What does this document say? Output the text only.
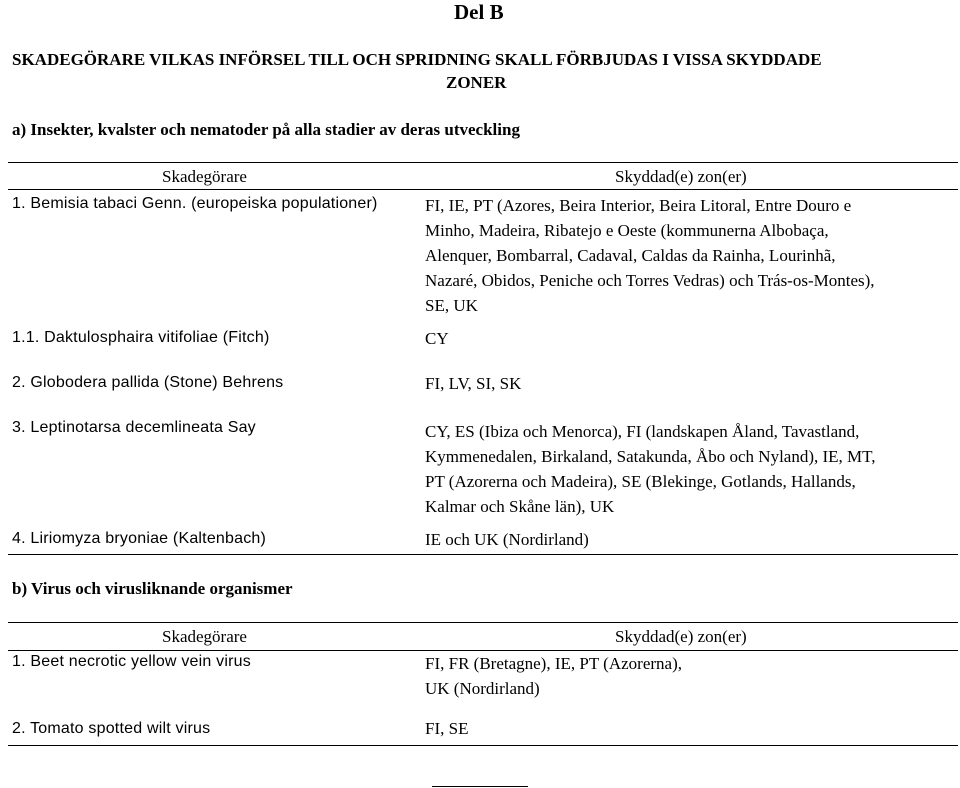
Del B
SKADEGÖRARE VILKAS INFÖRSEL TILL OCH SPRIDNING SKALL FÖRBJUDAS I VISSA SKYDDADE
ZONER
a) Insekter, kvalster och nematoder på alla stadier av deras utveckling
Skadegörare	Skyddad(e) zon(er)
1. Bemisia tabaci Genn. (europeiska populationer)	FI, IE, PT (Azores, Beira Interior, Beira Litoral, Entre Douro e
Minho, Madeira, Ribatejo e Oeste (kommunerna Albobaça,
Alenquer, Bombarral, Cadaval, Caldas da Rainha, Lourinhã,
Nazaré, Obidos, Peniche och Torres Vedras) och Trás-os-Montes),
SE, UK
1.1. Daktulosphaira vitifoliae (Fitch)	CY
2. Globodera pallida (Stone) Behrens	FI, LV, SI, SK
3. Leptinotarsa decemlineata Say	CY, ES (Ibiza och Menorca), FI (landskapen Åland, Tavastland,
Kymmenedalen, Birkaland, Satakunda, Åbo och Nyland), IE, MT,
PT (Azorerna och Madeira), SE (Blekinge, Gotlands, Hallands,
Kalmar och Skåne län), UK
4. Liriomyza bryoniae (Kaltenbach)	IE och UK (Nordirland)
b) Virus och virusliknande organismer
Skadegörare	Skyddad(e) zon(er)
1. Beet necrotic yellow vein virus	FI, FR (Bretagne), IE, PT (Azorerna),
UK (Nordirland)
2. Tomato spotted wilt virus	FI, SE
